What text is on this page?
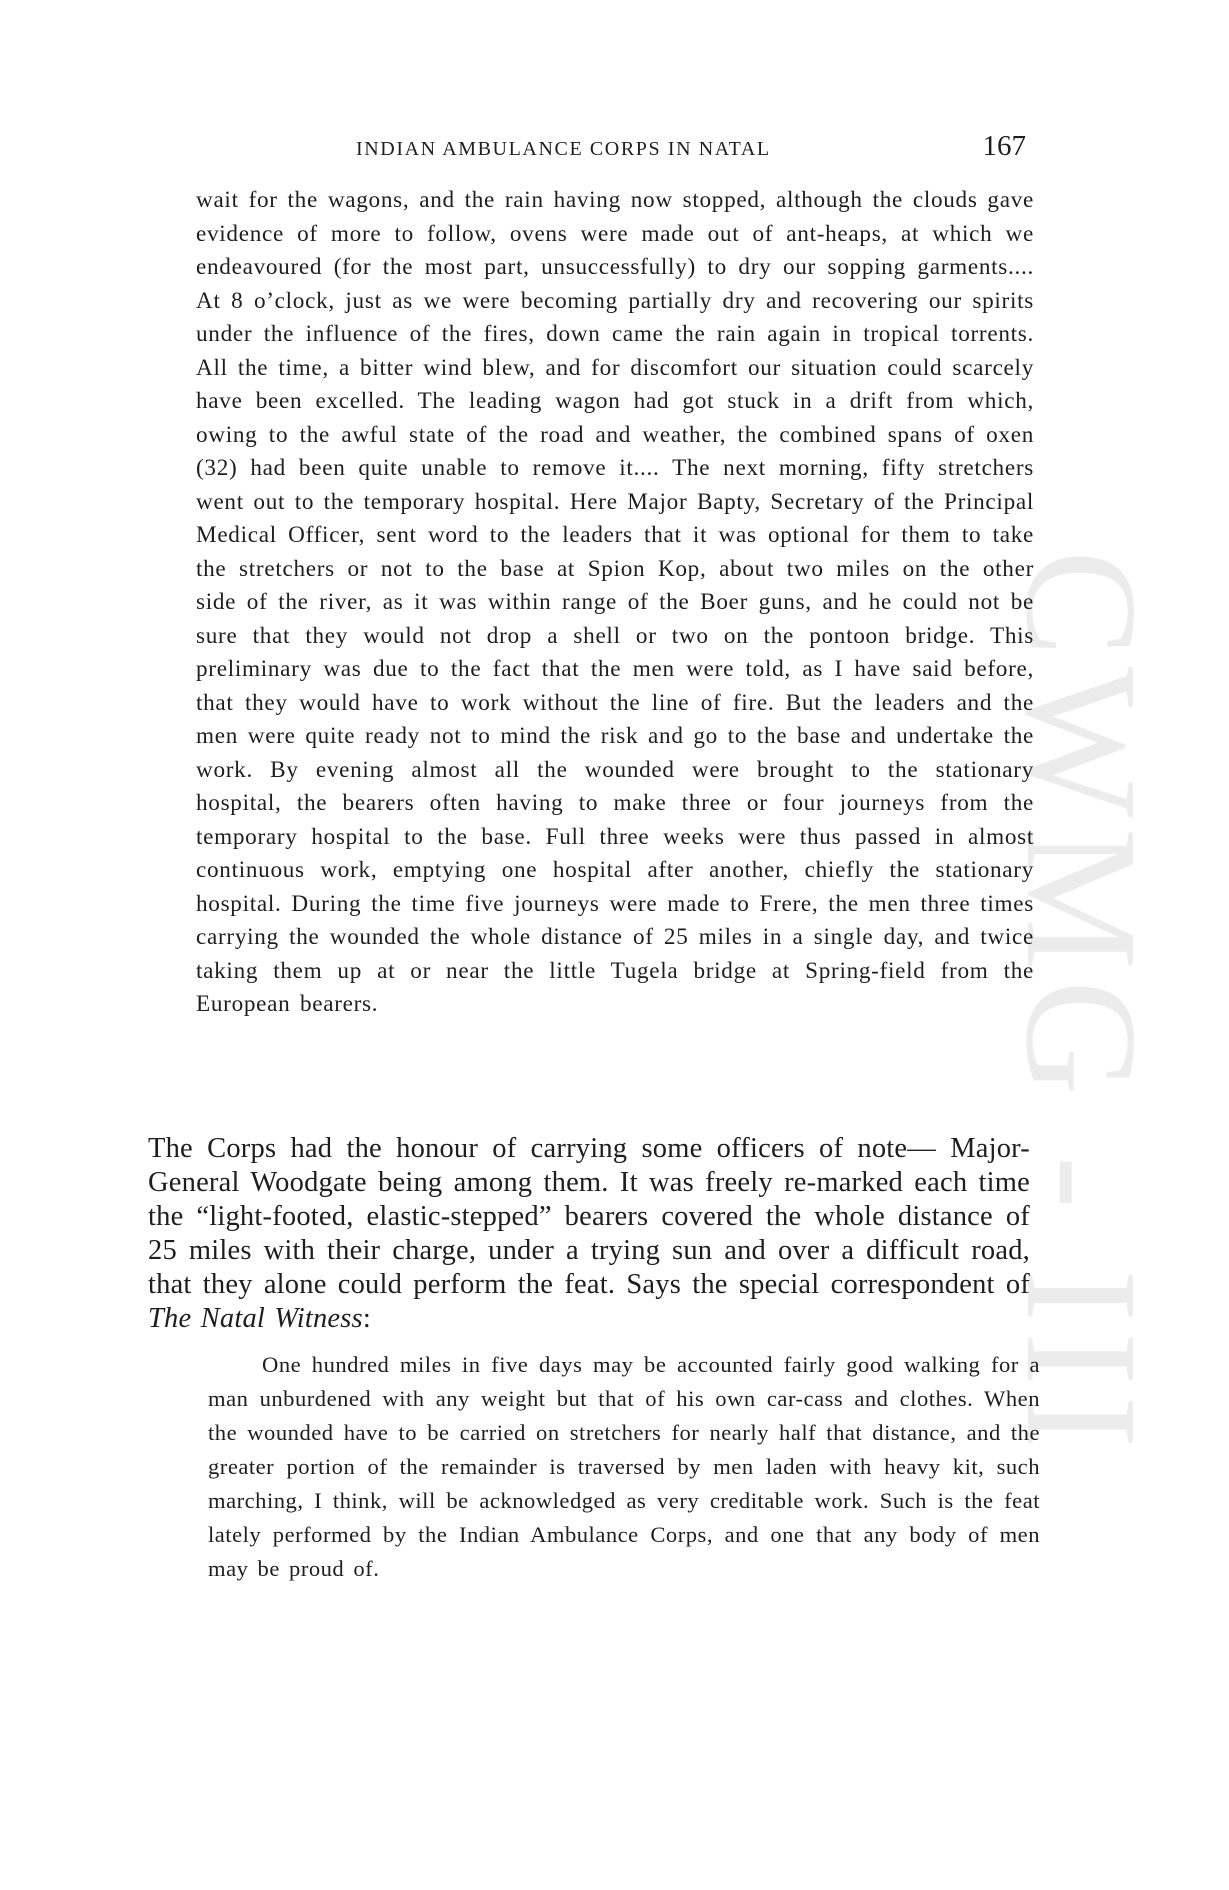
INDIAN AMBULANCE CORPS IN NATAL	167
CWMG - III

wait for the wagons, and the rain having now stopped, although the clouds gave evidence of more to follow, ovens were made out of ant-heaps, at which we endeavoured (for the most part, unsuccessfully) to dry our sopping garments.... At 8 o’clock, just as we were becoming partially dry and recovering our spirits under the influence of the fires, down came the rain again in tropical torrents. All the time, a bitter wind blew, and for discomfort our situation could scarcely have been excelled. The leading wagon had got stuck in a drift from which, owing to the awful state of the road and weather, the combined spans of oxen (32) had been quite unable to remove it.... The next morning, fifty stretchers went out to the temporary hospital. Here Major Bapty, Secretary of the Principal Medical Officer, sent word to the leaders that it was optional for them to take the stretchers or not to the base at Spion Kop, about two miles on the other side of the river, as it was within range of the Boer guns, and he could not be sure that they would not drop a shell or two on the pontoon bridge. This preliminary was due to the fact that the men were told, as I have said before, that they would have to work without the line of fire. But the leaders and the men were quite ready not to mind the risk and go to the base and undertake the work. By evening almost all the wounded were brought to the stationary hospital, the bearers often having to make three or four journeys from the temporary hospital to the base. Full three weeks were thus passed in almost continuous work, emptying one hospital after another, chiefly the stationary hospital. During the time five journeys were made to Frere, the men three times carrying the wounded the whole distance of 25 miles in a single day, and twice taking them up at or near the little Tugela bridge at Spring-field from the European bearers.

The Corps had the honour of carrying some officers of note— Major-General Woodgate being among them. It was freely re-marked each time the “light-footed, elastic-stepped” bearers covered the whole distance of 25 miles with their charge, under a trying sun and over a difficult road, that they alone could perform the feat. Says the special correspondent of The Natal Witness:

One hundred miles in five days may be accounted fairly good walking for a man unburdened with any weight but that of his own car-cass and clothes. When the wounded have to be carried on stretchers for nearly half that distance, and the greater portion of the remainder is traversed by men laden with heavy kit, such marching, I think, will be acknowledged as very creditable work. Such is the feat lately performed by the Indian Ambulance Corps, and one that any body of men may be proud of.
